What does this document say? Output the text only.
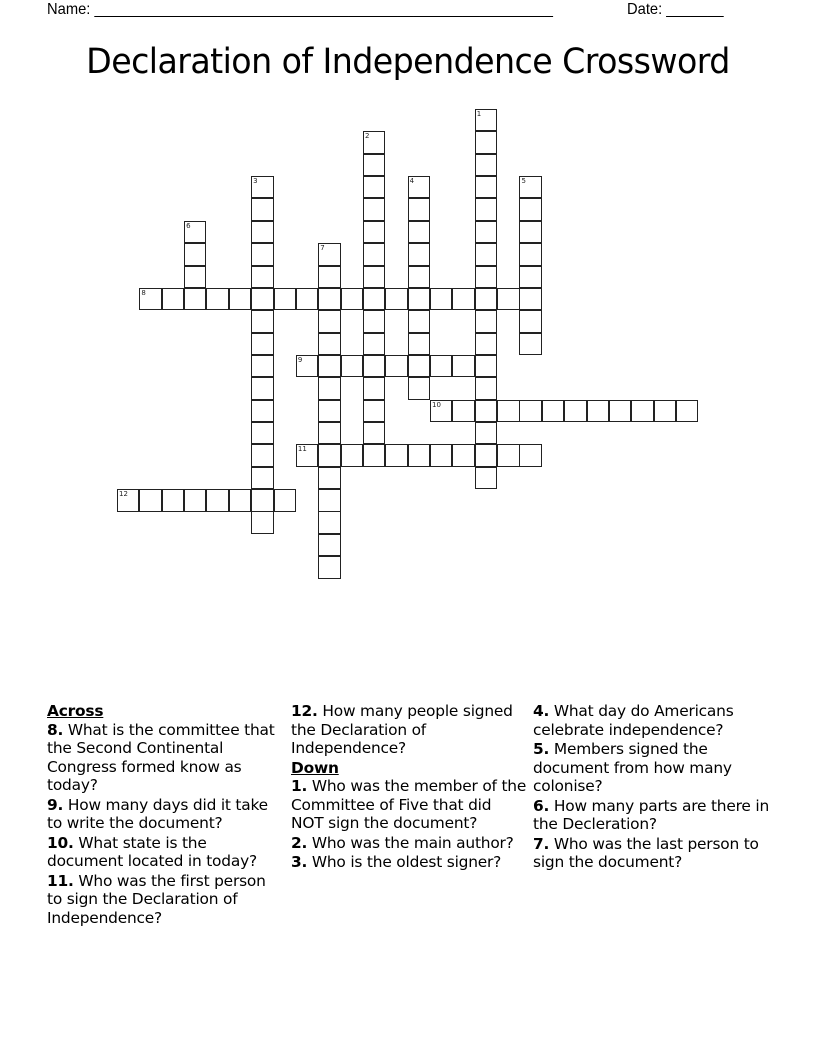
Name: ________________________________________________________	Date: _______
Declaration of Independence Crossword
1
2
3	4	5
6
7
8
9
10
11
12
Across
8. What is the committee that the Second Continental Congress formed know as today?
9. How many days did it take to write the document?
10. What state is the document located in today?
11. Who was the first person to sign the Declaration of Independence?
12. How many people signed the Declaration of Independence?
Down
1. Who was the member of the Committee of Five that did NOT sign the document?
2. Who was the main author?
3. Who is the oldest signer?
4. What day do Americans celebrate independence?
5. Members signed the document from how many colonise?
6. How many parts are there in the Decleration?
7. Who was the last person to sign the document?
